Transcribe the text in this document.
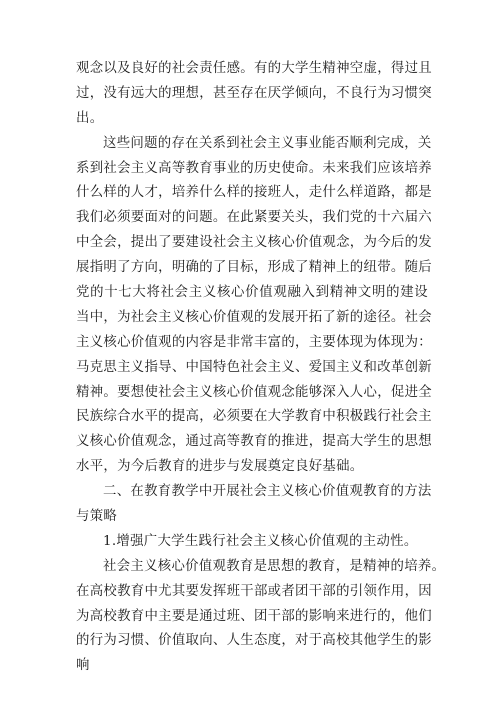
观念以及良好的社会责任感。有的大学生精神空虚，得过且
过，没有远大的理想，甚至存在厌学倾向，不良行为习惯突
出。
这些问题的存在关系到社会主义事业能否顺利完成，关
系到社会主义高等教育事业的历史使命。未来我们应该培养
什么样的人才，培养什么样的接班人，走什么样道路，都是
我们必须要面对的问题。在此紧要关头，我们党的十六届六
中全会，提出了要建设社会主义核心价值观念，为今后的发
展指明了方向，明确的了目标，形成了精神上的纽带。随后
党的十七大将社会主义核心价值观融入到精神文明的建设
当中，为社会主义核心价值观的发展开拓了新的途径。社会
主义核心价值观的内容是非常丰富的，主要体现为体现为：
马克思主义指导、中国特色社会主义、爱国主义和改革创新
精神。要想使社会主义核心价值观念能够深入人心，促进全
民族综合水平的提高，必须要在大学教育中积极践行社会主
义核心价值观念，通过高等教育的推进，提高大学生的思想
水平，为今后教育的进步与发展奠定良好基础。
二、在教育教学中开展社会主义核心价值观教育的方法
与策略
1.增强广大学生践行社会主义核心价值观的主动性。
社会主义核心价值观教育是思想的教育，是精神的培养。
在高校教育中尤其要发挥班干部或者团干部的引领作用，因
为高校教育中主要是通过班、团干部的影响来进行的，他们
的行为习惯、价值取向、人生态度，对于高校其他学生的影
响
